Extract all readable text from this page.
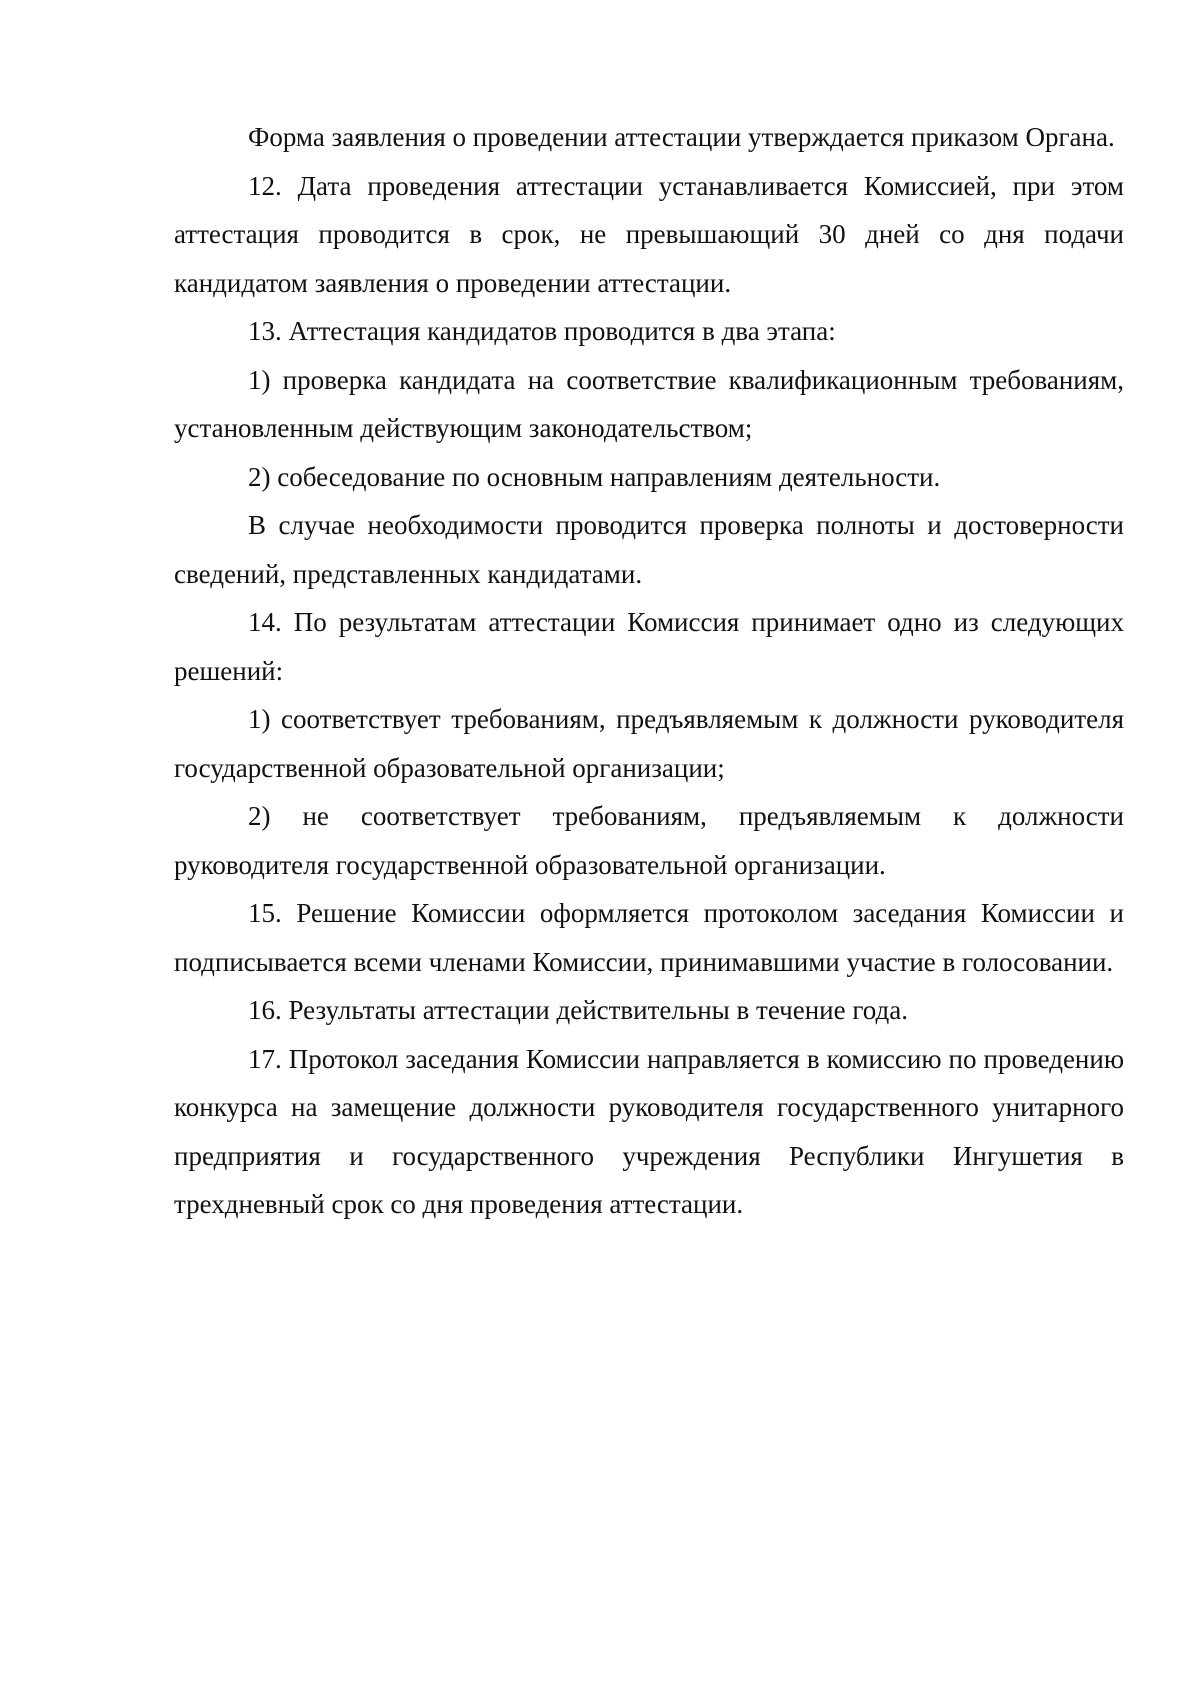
Форма заявления о проведении аттестации утверждается приказом Органа.

12. Дата проведения аттестации устанавливается Комиссией, при этом аттестация проводится в срок, не превышающий 30 дней со дня подачи кандидатом заявления о проведении аттестации.

13. Аттестация кандидатов проводится в два этапа:

1) проверка кандидата на соответствие квалификационным требованиям, установленным действующим законодательством;

2) собеседование по основным направлениям деятельности.

В случае необходимости проводится проверка полноты и достоверности сведений, представленных кандидатами.

14. По результатам аттестации Комиссия принимает одно из следующих решений:

1) соответствует требованиям, предъявляемым к должности руководителя государственной образовательной организации;

2) не соответствует требованиям, предъявляемым к должности руководителя государственной образовательной организации.

15. Решение Комиссии оформляется протоколом заседания Комиссии и подписывается всеми членами Комиссии, принимавшими участие в голосовании.

16. Результаты аттестации действительны в течение года.

17. Протокол заседания Комиссии направляется в комиссию по проведению конкурса на замещение должности руководителя государственного унитарного предприятия и государственного учреждения Республики Ингушетия в трехдневный срок со дня проведения аттестации.
